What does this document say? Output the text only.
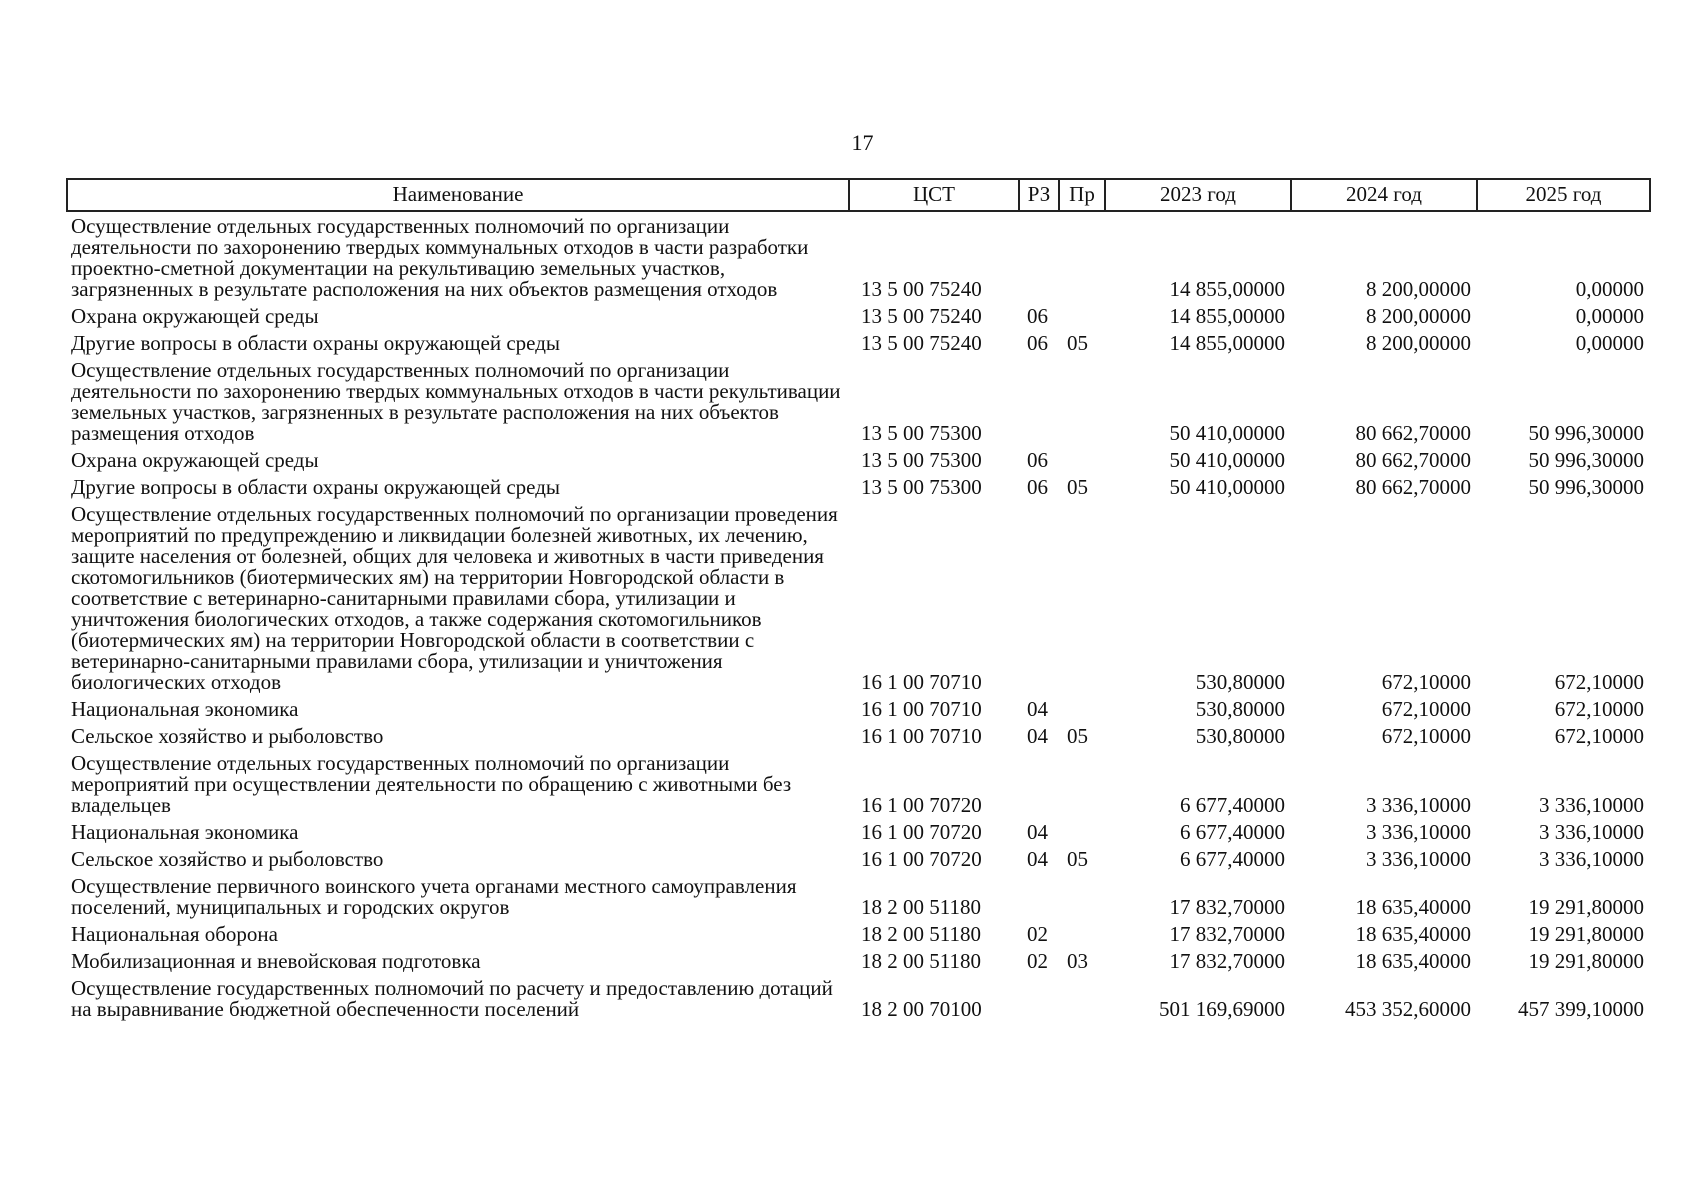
17
Наименование	ЦСТ	РЗ	Пр	2023 год	2024 год	2025 год
Осуществление отдельных государственных полномочий по организации деятельности по захоронению твердых коммунальных отходов в части разработки проектно-сметной документации на рекультивацию земельных участков, загрязненных в результате расположения на них объектов размещения отходов	13 5 00 75240			14 855,00000	8 200,00000	0,00000
Охрана окружающей среды	13 5 00 75240	06		14 855,00000	8 200,00000	0,00000
Другие вопросы в области охраны окружающей среды	13 5 00 75240	06	05	14 855,00000	8 200,00000	0,00000
Осуществление отдельных государственных полномочий по организации деятельности по захоронению твердых коммунальных отходов в части рекультивации земельных участков, загрязненных в результате расположения на них объектов размещения отходов	13 5 00 75300			50 410,00000	80 662,70000	50 996,30000
Охрана окружающей среды	13 5 00 75300	06		50 410,00000	80 662,70000	50 996,30000
Другие вопросы в области охраны окружающей среды	13 5 00 75300	06	05	50 410,00000	80 662,70000	50 996,30000
Осуществление отдельных государственных полномочий по организации проведения мероприятий по предупреждению и ликвидации болезней животных, их лечению, защите населения от болезней, общих для человека и животных в части приведения скотомогильников (биотермических ям) на территории Новгородской области в соответствие с ветеринарно-санитарными правилами сбора, утилизации и уничтожения биологических отходов, а также содержания скотомогильников (биотермических ям) на территории Новгородской области в соответствии с ветеринарно-санитарными правилами сбора, утилизации и уничтожения биологических отходов	16 1 00 70710			530,80000	672,10000	672,10000
Национальная экономика	16 1 00 70710	04		530,80000	672,10000	672,10000
Сельское хозяйство и рыболовство	16 1 00 70710	04	05	530,80000	672,10000	672,10000
Осуществление отдельных государственных полномочий по организации мероприятий при осуществлении деятельности по обращению с животными без владельцев	16 1 00 70720			6 677,40000	3 336,10000	3 336,10000
Национальная экономика	16 1 00 70720	04		6 677,40000	3 336,10000	3 336,10000
Сельское хозяйство и рыболовство	16 1 00 70720	04	05	6 677,40000	3 336,10000	3 336,10000
Осуществление первичного воинского учета органами местного самоуправления поселений, муниципальных и городских округов	18 2 00 51180			17 832,70000	18 635,40000	19 291,80000
Национальная оборона	18 2 00 51180	02		17 832,70000	18 635,40000	19 291,80000
Мобилизационная и вневойсковая подготовка	18 2 00 51180	02	03	17 832,70000	18 635,40000	19 291,80000
Осуществление государственных полномочий по расчету и предоставлению дотаций на выравнивание бюджетной обеспеченности поселений	18 2 00 70100			501 169,69000	453 352,60000	457 399,10000
